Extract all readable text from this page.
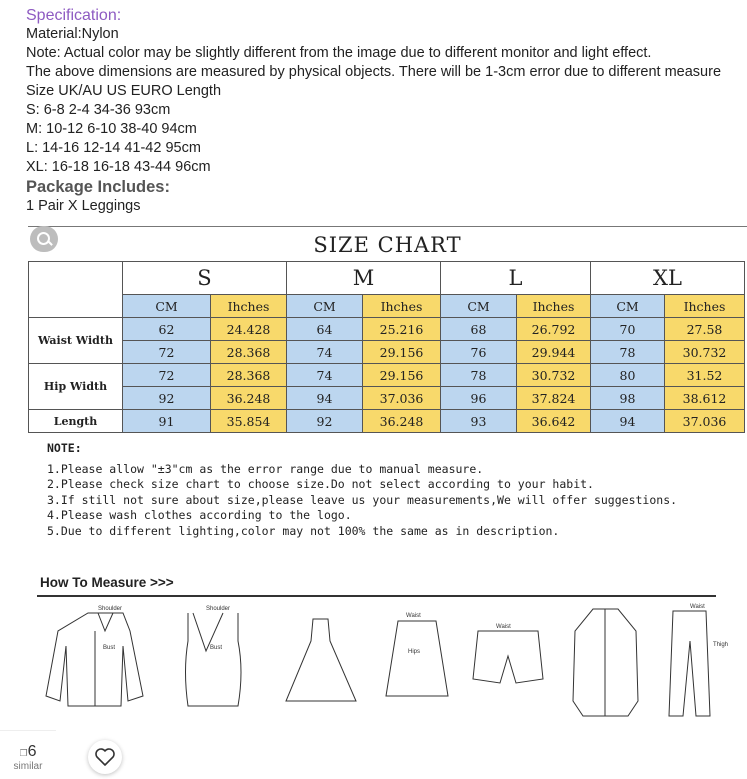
Specification:
Material:Nylon
Note: Actual color may be slightly different from the image due to different monitor and light effect.
The above dimensions are measured by physical objects. There will be 1-3cm error due to different measure
Size UK/AU US EURO Length
S: 6-8 2-4 34-36 93cm
M: 10-12 6-10 38-40 94cm
L: 14-16 12-14 41-42 95cm
XL: 16-18 16-18 43-44 96cm
Package Includes:
1 Pair X Leggings
SIZE CHART
	S		M		L		XL	
	CM	Ihches	CM	Ihches	CM	Ihches	CM	Ihches
Waist Width	62	24.428	64	25.216	68	26.792	70	27.58
	72	28.368	74	29.156	76	29.944	78	30.732
Hip Width	72	28.368	74	29.156	78	30.732	80	31.52
	92	36.248	94	37.036	96	37.824	98	38.612
Length	91	35.854	92	36.248	93	36.642	94	37.036
NOTE:
1.Please allow "±3"cm as the error range due to manual measure.
2.Please check size chart to choose size.Do not select according to your habit.
3.If still not sure about size,please leave us your measurements,We will offer suggestions.
4.Please wash clothes according to the logo.
5.Due to different lighting,color may not 100% the same as in description.
How To Measure >>>
Shoulder
Bust
Shoulder
Bust
Waist
Hips
Waist
Waist
Thigh
❐6
similar
